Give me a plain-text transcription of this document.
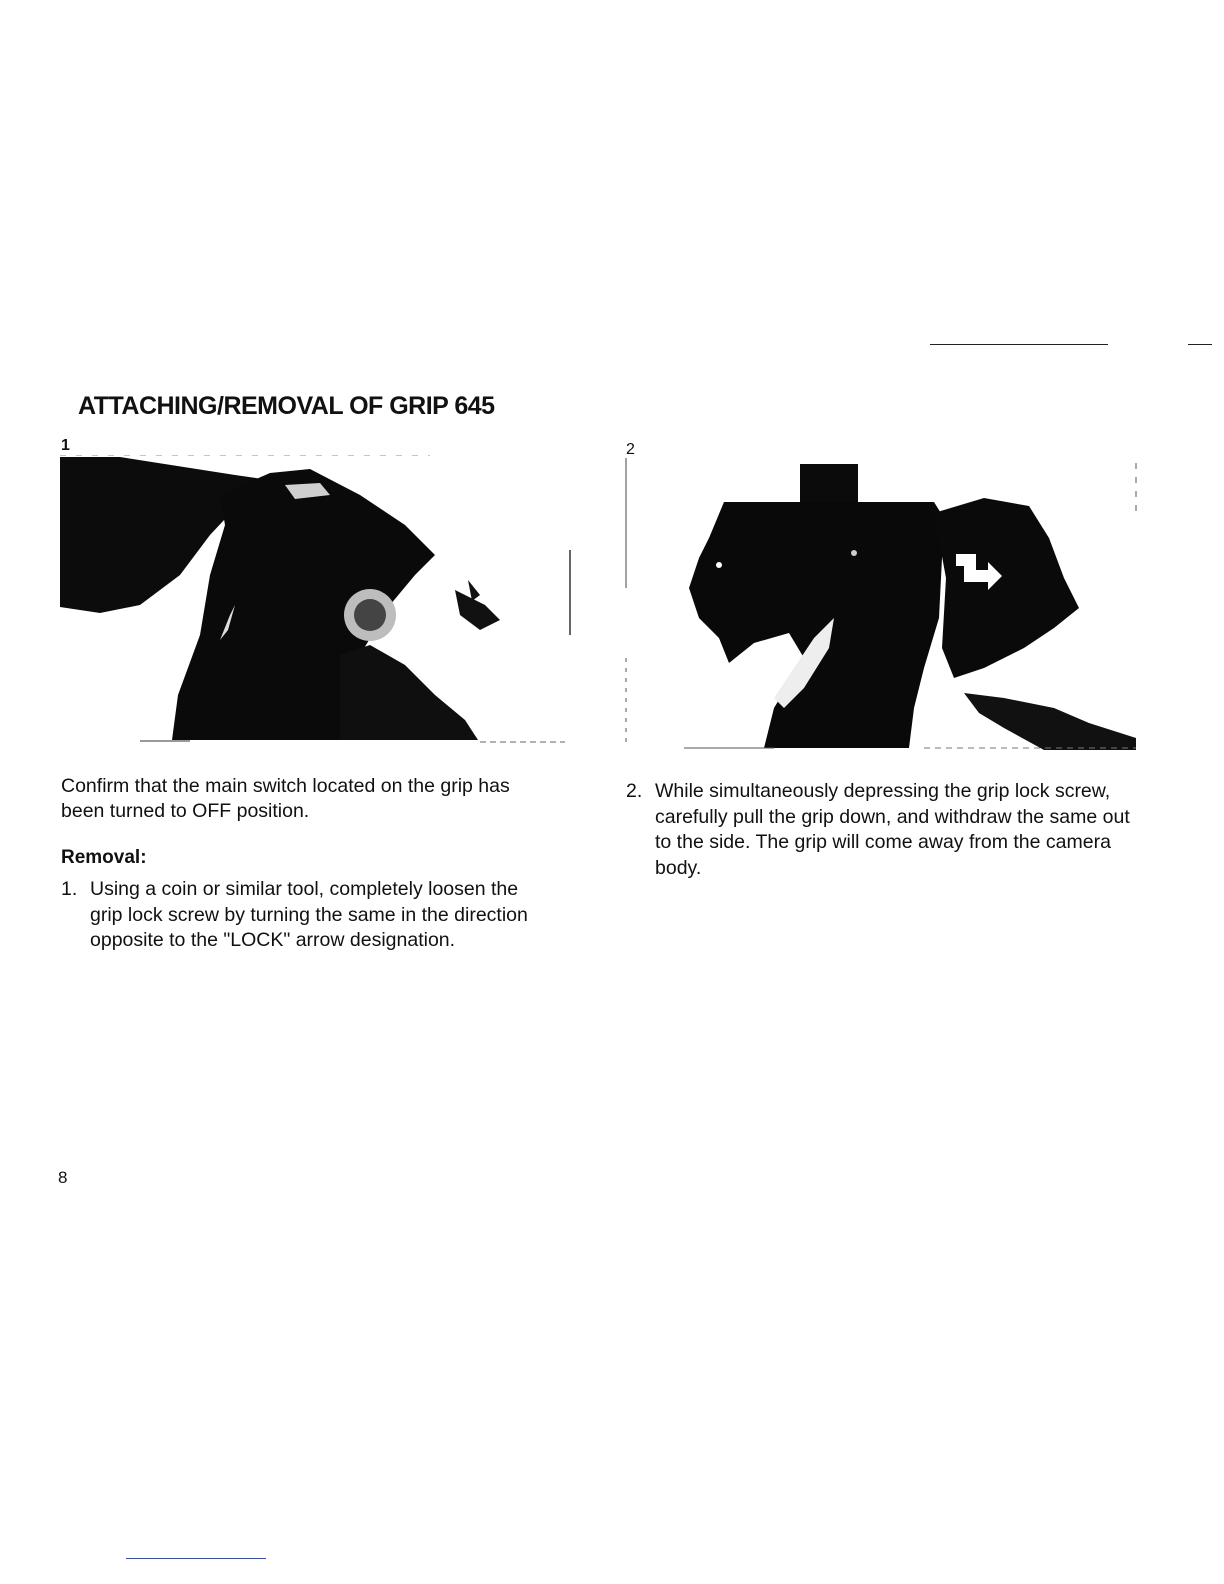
ATTACHING/REMOVAL OF GRIP 645
1	2

Confirm that the main switch located on the grip has been turned to OFF position.

Removal:
1. Using a coin or similar tool, completely loosen the grip lock screw by turning the same in the direction opposite to the "LOCK" arrow designation.
2. While simultaneously depressing the grip lock screw, carefully pull the grip down, and withdraw the same out to the side. The grip will come away from the camera body.
8
